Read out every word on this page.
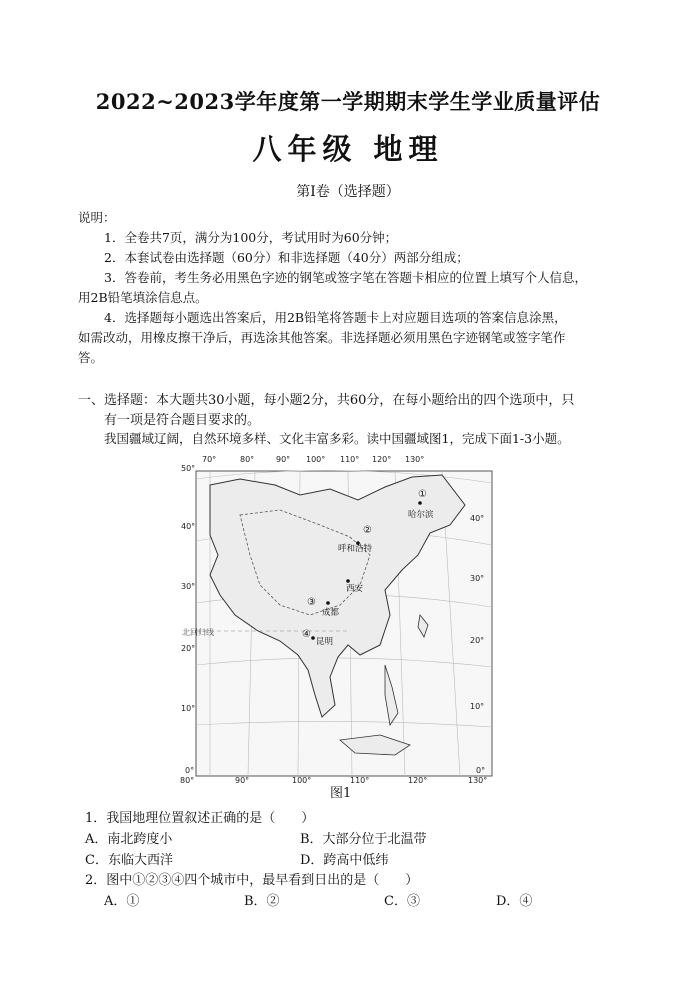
2022~2023学年度第一学期期末学生学业质量评估
八年级 地理
第Ⅰ卷（选择题）
说明：
1．全卷共7页，满分为100分，考试用时为60分钟；
2．本套试卷由选择题（60分）和非选择题（40分）两部分组成；
3．答卷前，考生务必用黑色字迹的钢笔或签字笔在答题卡相应的位置上填写个人信息，
用2B铅笔填涂信息点。
4．选择题每小题选出答案后，用2B铅笔将答题卡上对应题目选项的答案信息涂黑，
如需改动，用橡皮擦干净后，再选涂其他答案。非选择题必须用黑色字迹钢笔或签字笔作
答。
一、选择题：本大题共30小题，每小题2分，共60分，在每小题给出的四个选项中，只
有一项是符合题目要求的。
我国疆域辽阔，自然环境多样、文化丰富多彩。读中国疆域图1，完成下面1-3小题。
北回归线
70°	80°	90° 100° 110° 120° 130°
80°	90°	100°	110°	120°	130°
50°
40°
30°
20°
10°
0°
40°
30°
20°
10°
0°
①
哈尔滨
②
呼和浩特
西安
③
成都
④
昆明
图1
1．我国地理位置叙述正确的是（　　）
A．南北跨度小	B．大部分位于北温带
C．东临大西洋	D．跨高中低纬
2．图中①②③④四个城市中，最早看到日出的是（　　）
A．①	B．②	C．③	D．④
